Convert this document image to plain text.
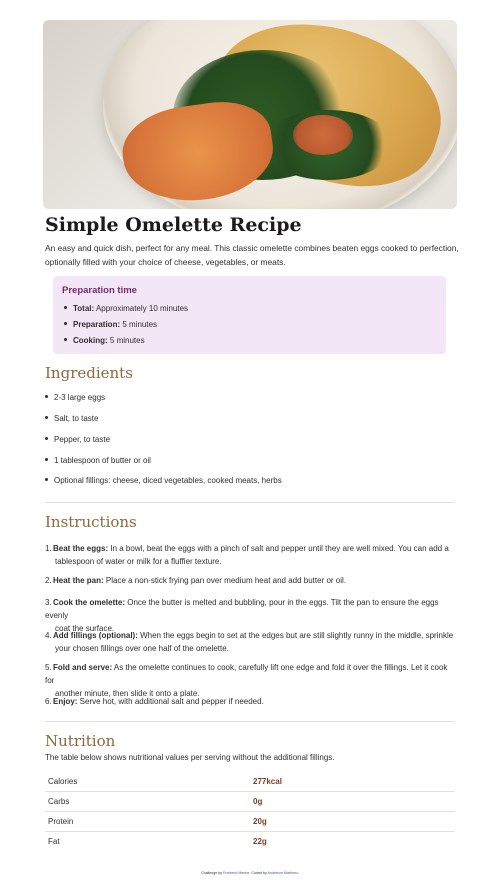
Simple Omelette Recipe

An easy and quick dish, perfect for any meal. This classic omelette combines beaten eggs cooked to perfection, optionally filled with your choice of cheese, vegetables, or meats.

Preparation time
Total: Approximately 10 minutes
Preparation: 5 minutes
Cooking: 5 minutes
Ingredients
2-3 large eggs
Salt, to taste
Pepper, to taste
1 tablespoon of butter or oil
Optional fillings: cheese, diced vegetables, cooked meats, herbs
Instructions
1.Beat the eggs: In a bowl, beat the eggs with a pinch of salt and pepper until they are well mixed. You can add a
tablespoon of water or milk for a fluffier texture.
2.Heat the pan: Place a non-stick frying pan over medium heat and add butter or oil.
3.Cook the omelette: Once the butter is melted and bubbling, pour in the eggs. Tilt the pan to ensure the eggs evenly
coat the surface.
4.Add fillings (optional): When the eggs begin to set at the edges but are still slightly runny in the middle, sprinkle
your chosen fillings over one half of the omelette.
5.Fold and serve: As the omelette continues to cook, carefully lift one edge and fold it over the fillings. Let it cook for
another minute, then slide it onto a plate.
6.Enjoy: Serve hot, with additional salt and pepper if needed.
Nutrition

The table below shows nutritional values per serving without the additional fillings.

Calories	277kcal
Carbs	0g
Protein	20g
Fat	22g
Challenge by Frontend Mentor. Coded by Anderson Martínez.
